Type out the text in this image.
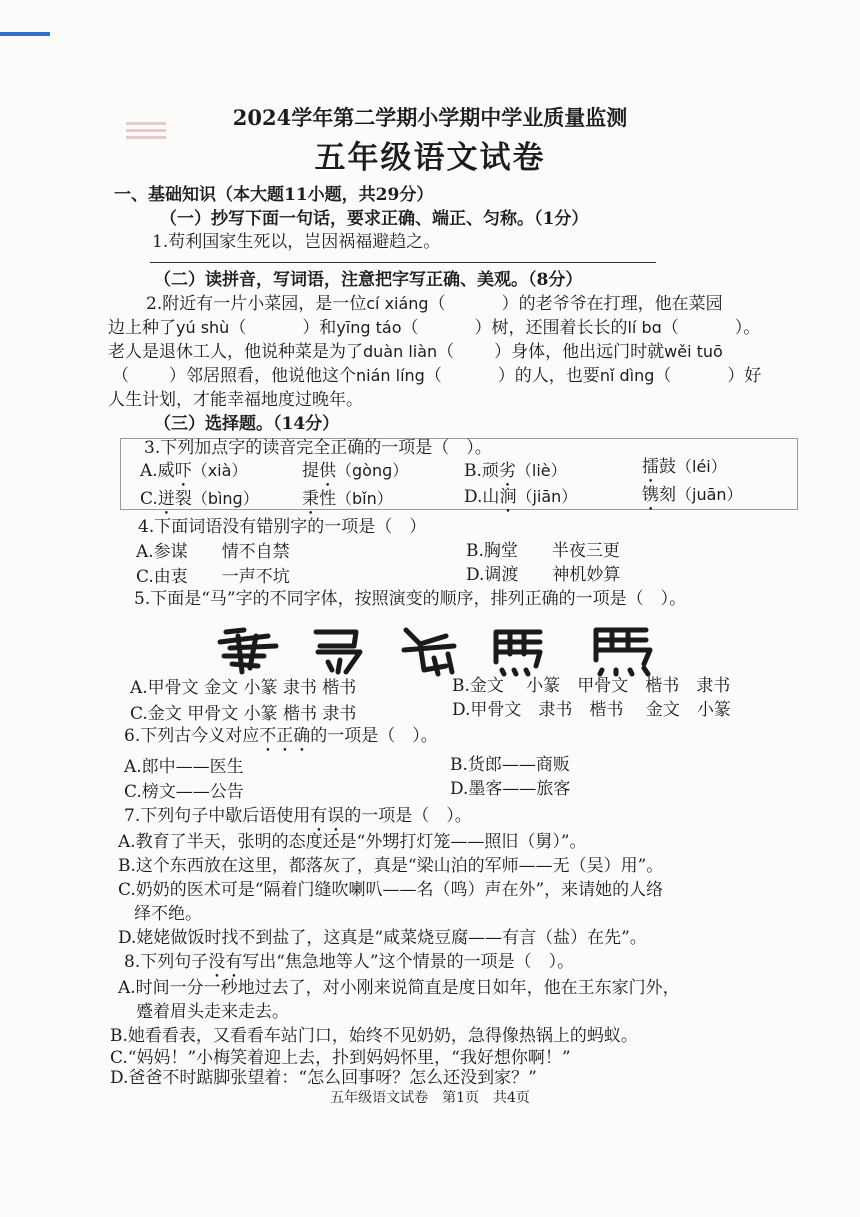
2024学年第二学期小学期中学业质量监测
五年级语文试卷
一、基础知识（本大题11小题，共29分）
（一）抄写下面一句话，要求正确、端正、匀称。（1分）
1.苟利国家生死以，岂因祸福避趋之。
（二）读拼音，写词语，注意把字写正确、美观。（8分）
2.附近有一片小菜园，是一位cí xiáng（	）的老爷爷在打理，他在菜园
边上种了yú shù（	）和yīng táo（	）树，还围着长长的lí bɑ（	）。
老人是退休工人，他说种菜是为了duàn liàn（ ）身体，他出远门时就wěi tuō
（ ）邻居照看，他说他这个nián líng（	）的人，也要nǐ dìng（	）好
人生计划，才能幸福地度过晚年。
（三）选择题。（14分）
3.下列加点字的读音完全正确的一项是（　）。
A.威吓（xià）	提供（gònɡ）	B.顽劣（liè）	擂鼓（léi）
C.迸裂（bìnɡ）	秉性（bǐn）	D.山涧（jiān）	镌刻（juān）
4.下面词语没有错别字的一项是（　）
A.参谋　　情不自禁	B.胸堂　　半夜三更
C.由衷　　一声不坑	D.调渡　　神机妙算
5.下面是“马”字的不同字体，按照演变的顺序，排列正确的一项是（　）。
A.甲骨文 金文 小篆 隶书 楷书	B.金文　 小篆　甲骨文　楷书　隶书
C.金文 甲骨文 小篆 楷书 隶书	D.甲骨文　隶书　楷书　 金文　小篆
6.下列古今义对应不正确的一项是（　）。
A.郎中——医生	B.货郎——商贩
C.榜文——公告	D.墨客——旅客
7.下列句子中歇后语使用有误的一项是（　）。
A.教育了半天，张明的态度还是“外甥打灯笼——照旧（舅）”。
B.这个东西放在这里，都落灰了，真是“梁山泊的军师——无（吴）用”。
C.奶奶的医术可是“隔着门缝吹喇叭——名（鸣）声在外”，来请她的人络
绎不绝。
D.姥姥做饭时找不到盐了，这真是“咸菜烧豆腐——有言（盐）在先”。
8.下列句子没有写出“焦急地等人”这个情景的一项是（　）。
A.时间一分一秒地过去了，对小刚来说简直是度日如年，他在王东家门外，
蹙着眉头走来走去。
B.她看看表，又看看车站门口，始终不见奶奶，急得像热锅上的蚂蚁。
C.“妈妈！”小梅笑着迎上去，扑到妈妈怀里，“我好想你啊！”
D.爸爸不时踮脚张望着：“怎么回事呀？怎么还没到家？”
五年级语文试卷　第1页　共4页
